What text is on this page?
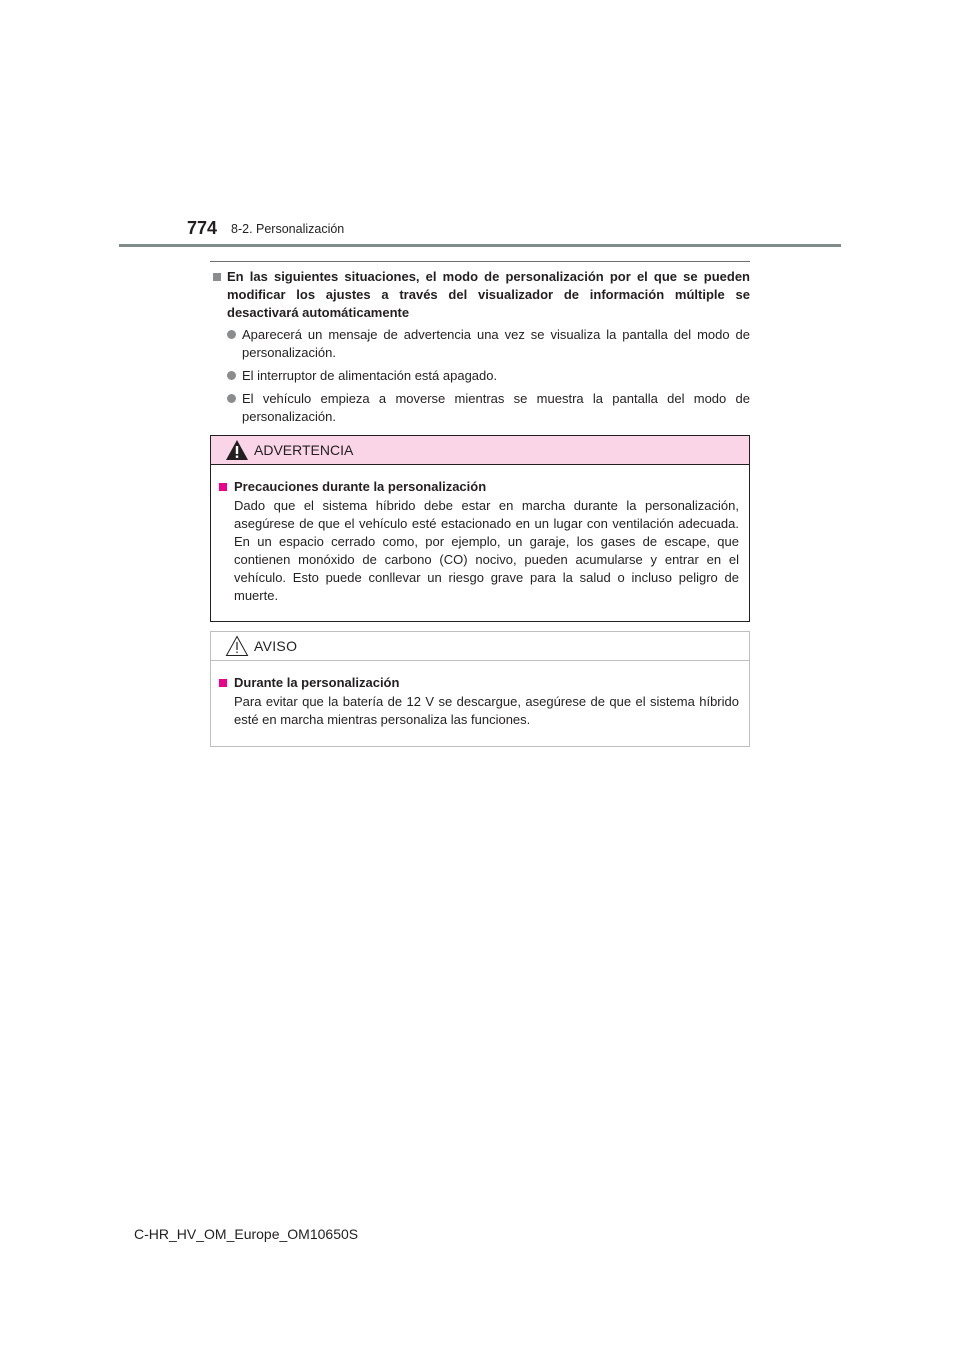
774 8-2. Personalización
En las siguientes situaciones, el modo de personalización por el que se pueden modificar los ajustes a través del visualizador de información múltiple se desactivará automáticamente
Aparecerá un mensaje de advertencia una vez se visualiza la pantalla del modo de personalización.
El interruptor de alimentación está apagado.
El vehículo empieza a moverse mientras se muestra la pantalla del modo de personalización.
ADVERTENCIA
Precauciones durante la personalización
Dado que el sistema híbrido debe estar en marcha durante la personalización, asegúrese de que el vehículo esté estacionado en un lugar con ventilación adecuada. En un espacio cerrado como, por ejemplo, un garaje, los gases de escape, que contienen monóxido de carbono (CO) nocivo, pueden acumularse y entrar en el vehículo. Esto puede conllevar un riesgo grave para la salud o incluso peligro de muerte.
AVISO
Durante la personalización
Para evitar que la batería de 12 V se descargue, asegúrese de que el sistema híbrido esté en marcha mientras personaliza las funciones.
C-HR_HV_OM_Europe_OM10650S
